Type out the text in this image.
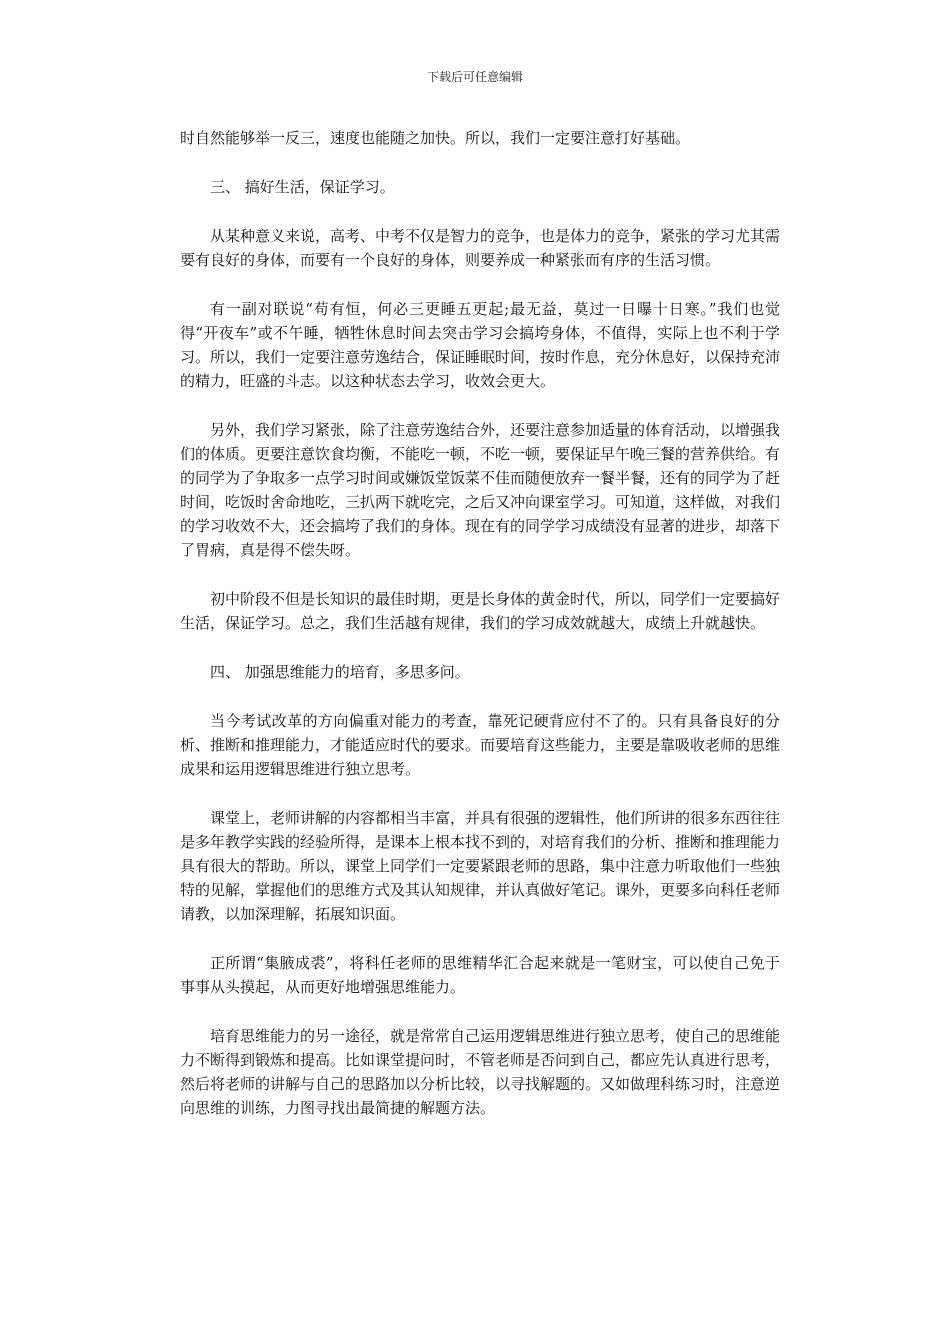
下载后可任意编辑

时自然能够举一反三，速度也能随之加快。所以，我们一定要注意打好基础。

三、 搞好生活，保证学习。

从某种意义来说，高考、中考不仅是智力的竞争，也是体力的竞争，紧张的学习尤其需要有良好的身体，而要有一个良好的身体，则要养成一种紧张而有序的生活习惯。

有一副对联说“苟有恒，何必三更睡五更起;最无益，莫过一日曝十日寒。”我们也觉得“开夜车”或不午睡，牺牲休息时间去突击学习会搞垮身体，不值得，实际上也不利于学习。所以，我们一定要注意劳逸结合，保证睡眠时间，按时作息，充分休息好，以保持充沛的精力，旺盛的斗志。以这种状态去学习，收效会更大。

另外，我们学习紧张，除了注意劳逸结合外，还要注意参加适量的体育活动，以增强我们的体质。更要注意饮食均衡，不能吃一顿，不吃一顿，要保证早午晚三餐的营养供给。有的同学为了争取多一点学习时间或嫌饭堂饭菜不佳而随便放弃一餐半餐，还有的同学为了赶时间，吃饭时舍命地吃，三扒两下就吃完，之后又冲向课室学习。可知道，这样做，对我们的学习收效不大，还会搞垮了我们的身体。现在有的同学学习成绩没有显著的进步，却落下了胃病，真是得不偿失呀。

初中阶段不但是长知识的最佳时期，更是长身体的黄金时代，所以，同学们一定要搞好生活，保证学习。总之，我们生活越有规律，我们的学习成效就越大，成绩上升就越快。

四、 加强思维能力的培育，多思多问。

当今考试改革的方向偏重对能力的考查，靠死记硬背应付不了的。只有具备良好的分析、推断和推理能力，才能适应时代的要求。而要培育这些能力，主要是靠吸收老师的思维成果和运用逻辑思维进行独立思考。

课堂上，老师讲解的内容都相当丰富，并具有很强的逻辑性，他们所讲的很多东西往往是多年教学实践的经验所得，是课本上根本找不到的，对培育我们的分析、推断和推理能力具有很大的帮助。所以，课堂上同学们一定要紧跟老师的思路，集中注意力听取他们一些独特的见解，掌握他们的思维方式及其认知规律，并认真做好笔记。课外，更要多向科任老师请教，以加深理解，拓展知识面。

正所谓“集腋成裘”，将科任老师的思维精华汇合起来就是一笔财宝，可以使自己免于事事从头摸起，从而更好地增强思维能力。

培育思维能力的另一途径，就是常常自己运用逻辑思维进行独立思考，使自己的思维能力不断得到锻炼和提高。比如课堂提问时，不管老师是否问到自己，都应先认真进行思考，然后将老师的讲解与自己的思路加以分析比较，以寻找解题的。又如做理科练习时，注意逆向思维的训练，力图寻找出最简捷的解题方法。
